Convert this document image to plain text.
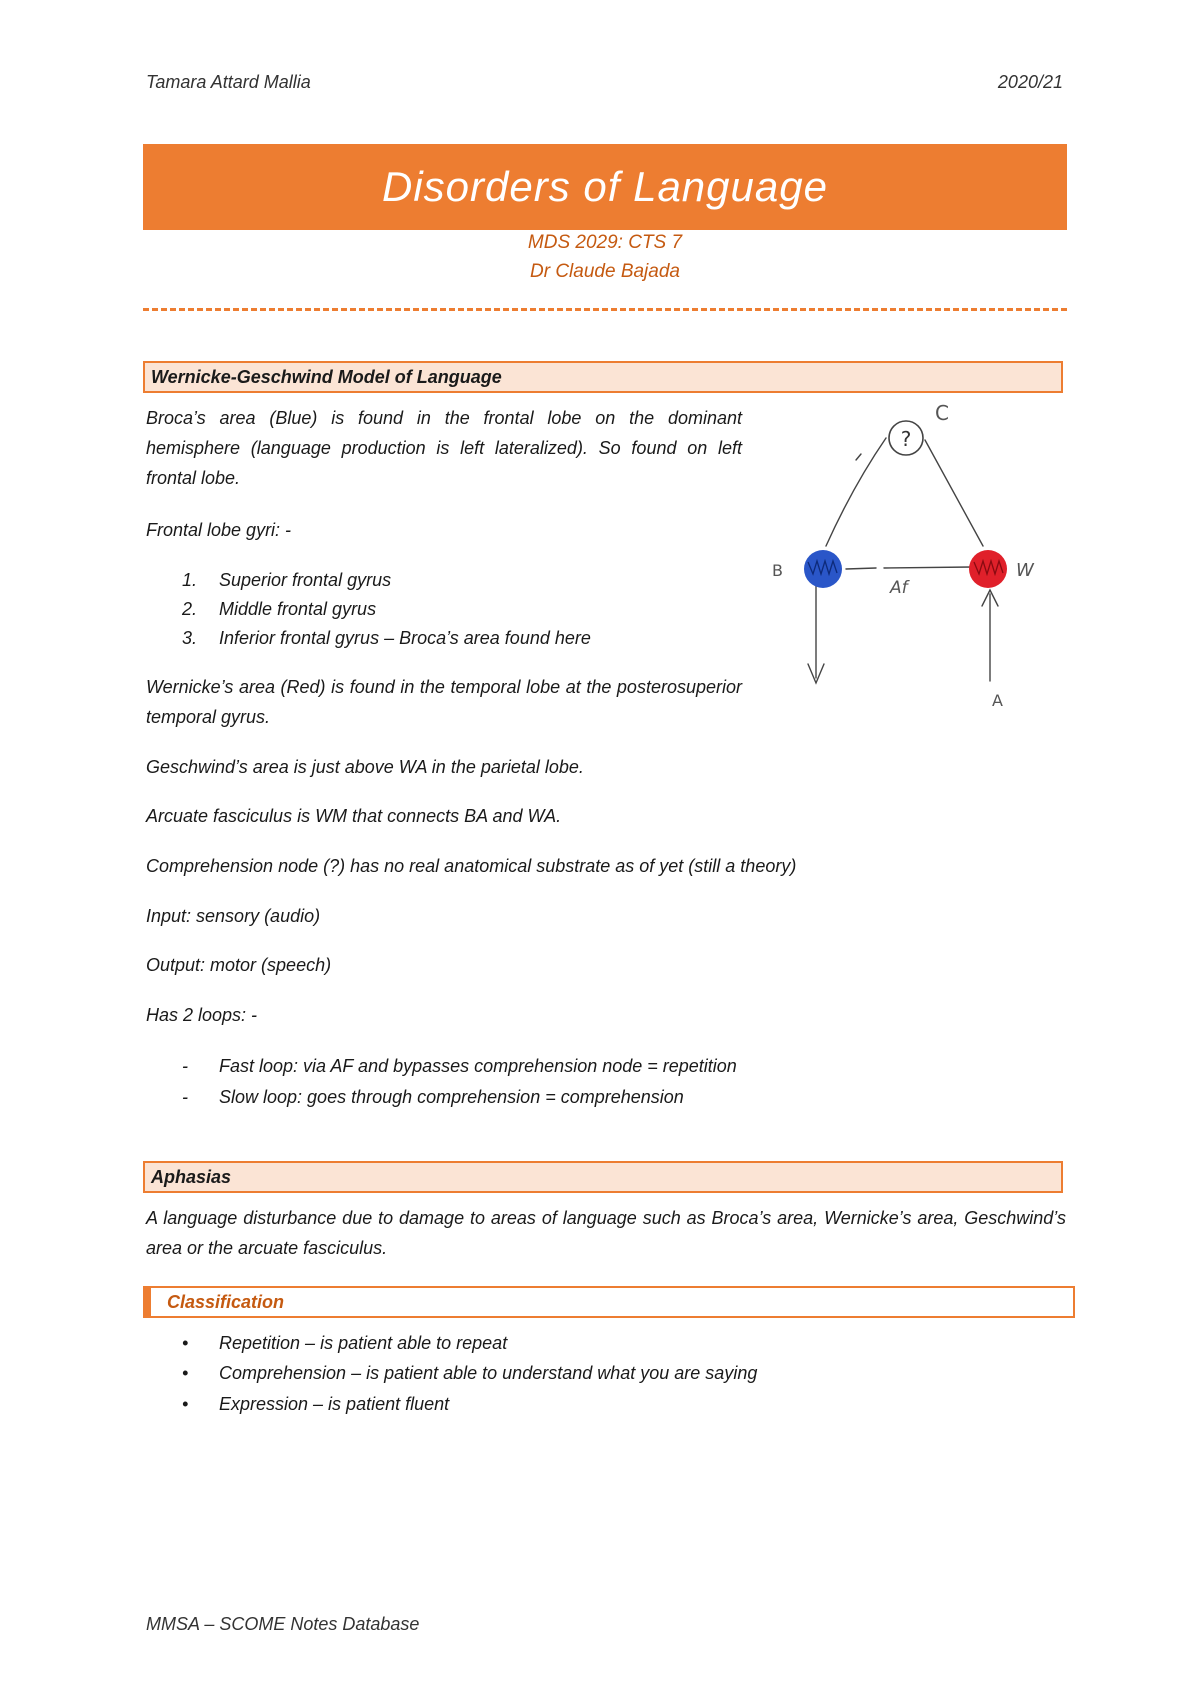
Tamara Attard Mallia	2020/21
Disorders of Language
MDS 2029: CTS 7
Dr Claude Bajada
Wernicke-Geschwind Model of Language
Broca’s area (Blue) is found in the frontal lobe on the dominant hemisphere (language production is left lateralized). So found on left frontal lobe.
Frontal lobe gyri: -
1.	Superior frontal gyrus
2.	Middle frontal gyrus
3.	Inferior frontal gyrus – Broca’s area found here
Wernicke’s area (Red) is found in the temporal lobe at the posterosuperior temporal gyrus.
Geschwind’s area is just above WA in the parietal lobe.
Arcuate fasciculus is WM that connects BA and WA.
Comprehension node (?) has no real anatomical substrate as of yet (still a theory)
Input: sensory (audio)
Output: motor (speech)
Has 2 loops: -
-	Fast loop: via AF and bypasses comprehension node = repetition
-	Slow loop: goes through comprehension = comprehension
?
C
B	W
Af
A
Aphasias
A language disturbance due to damage to areas of language such as Broca’s area, Wernicke’s area, Geschwind’s area or the arcuate fasciculus.
Classification
•	Repetition – is patient able to repeat
•	Comprehension – is patient able to understand what you are saying
•	Expression – is patient fluent
MMSA – SCOME Notes Database
